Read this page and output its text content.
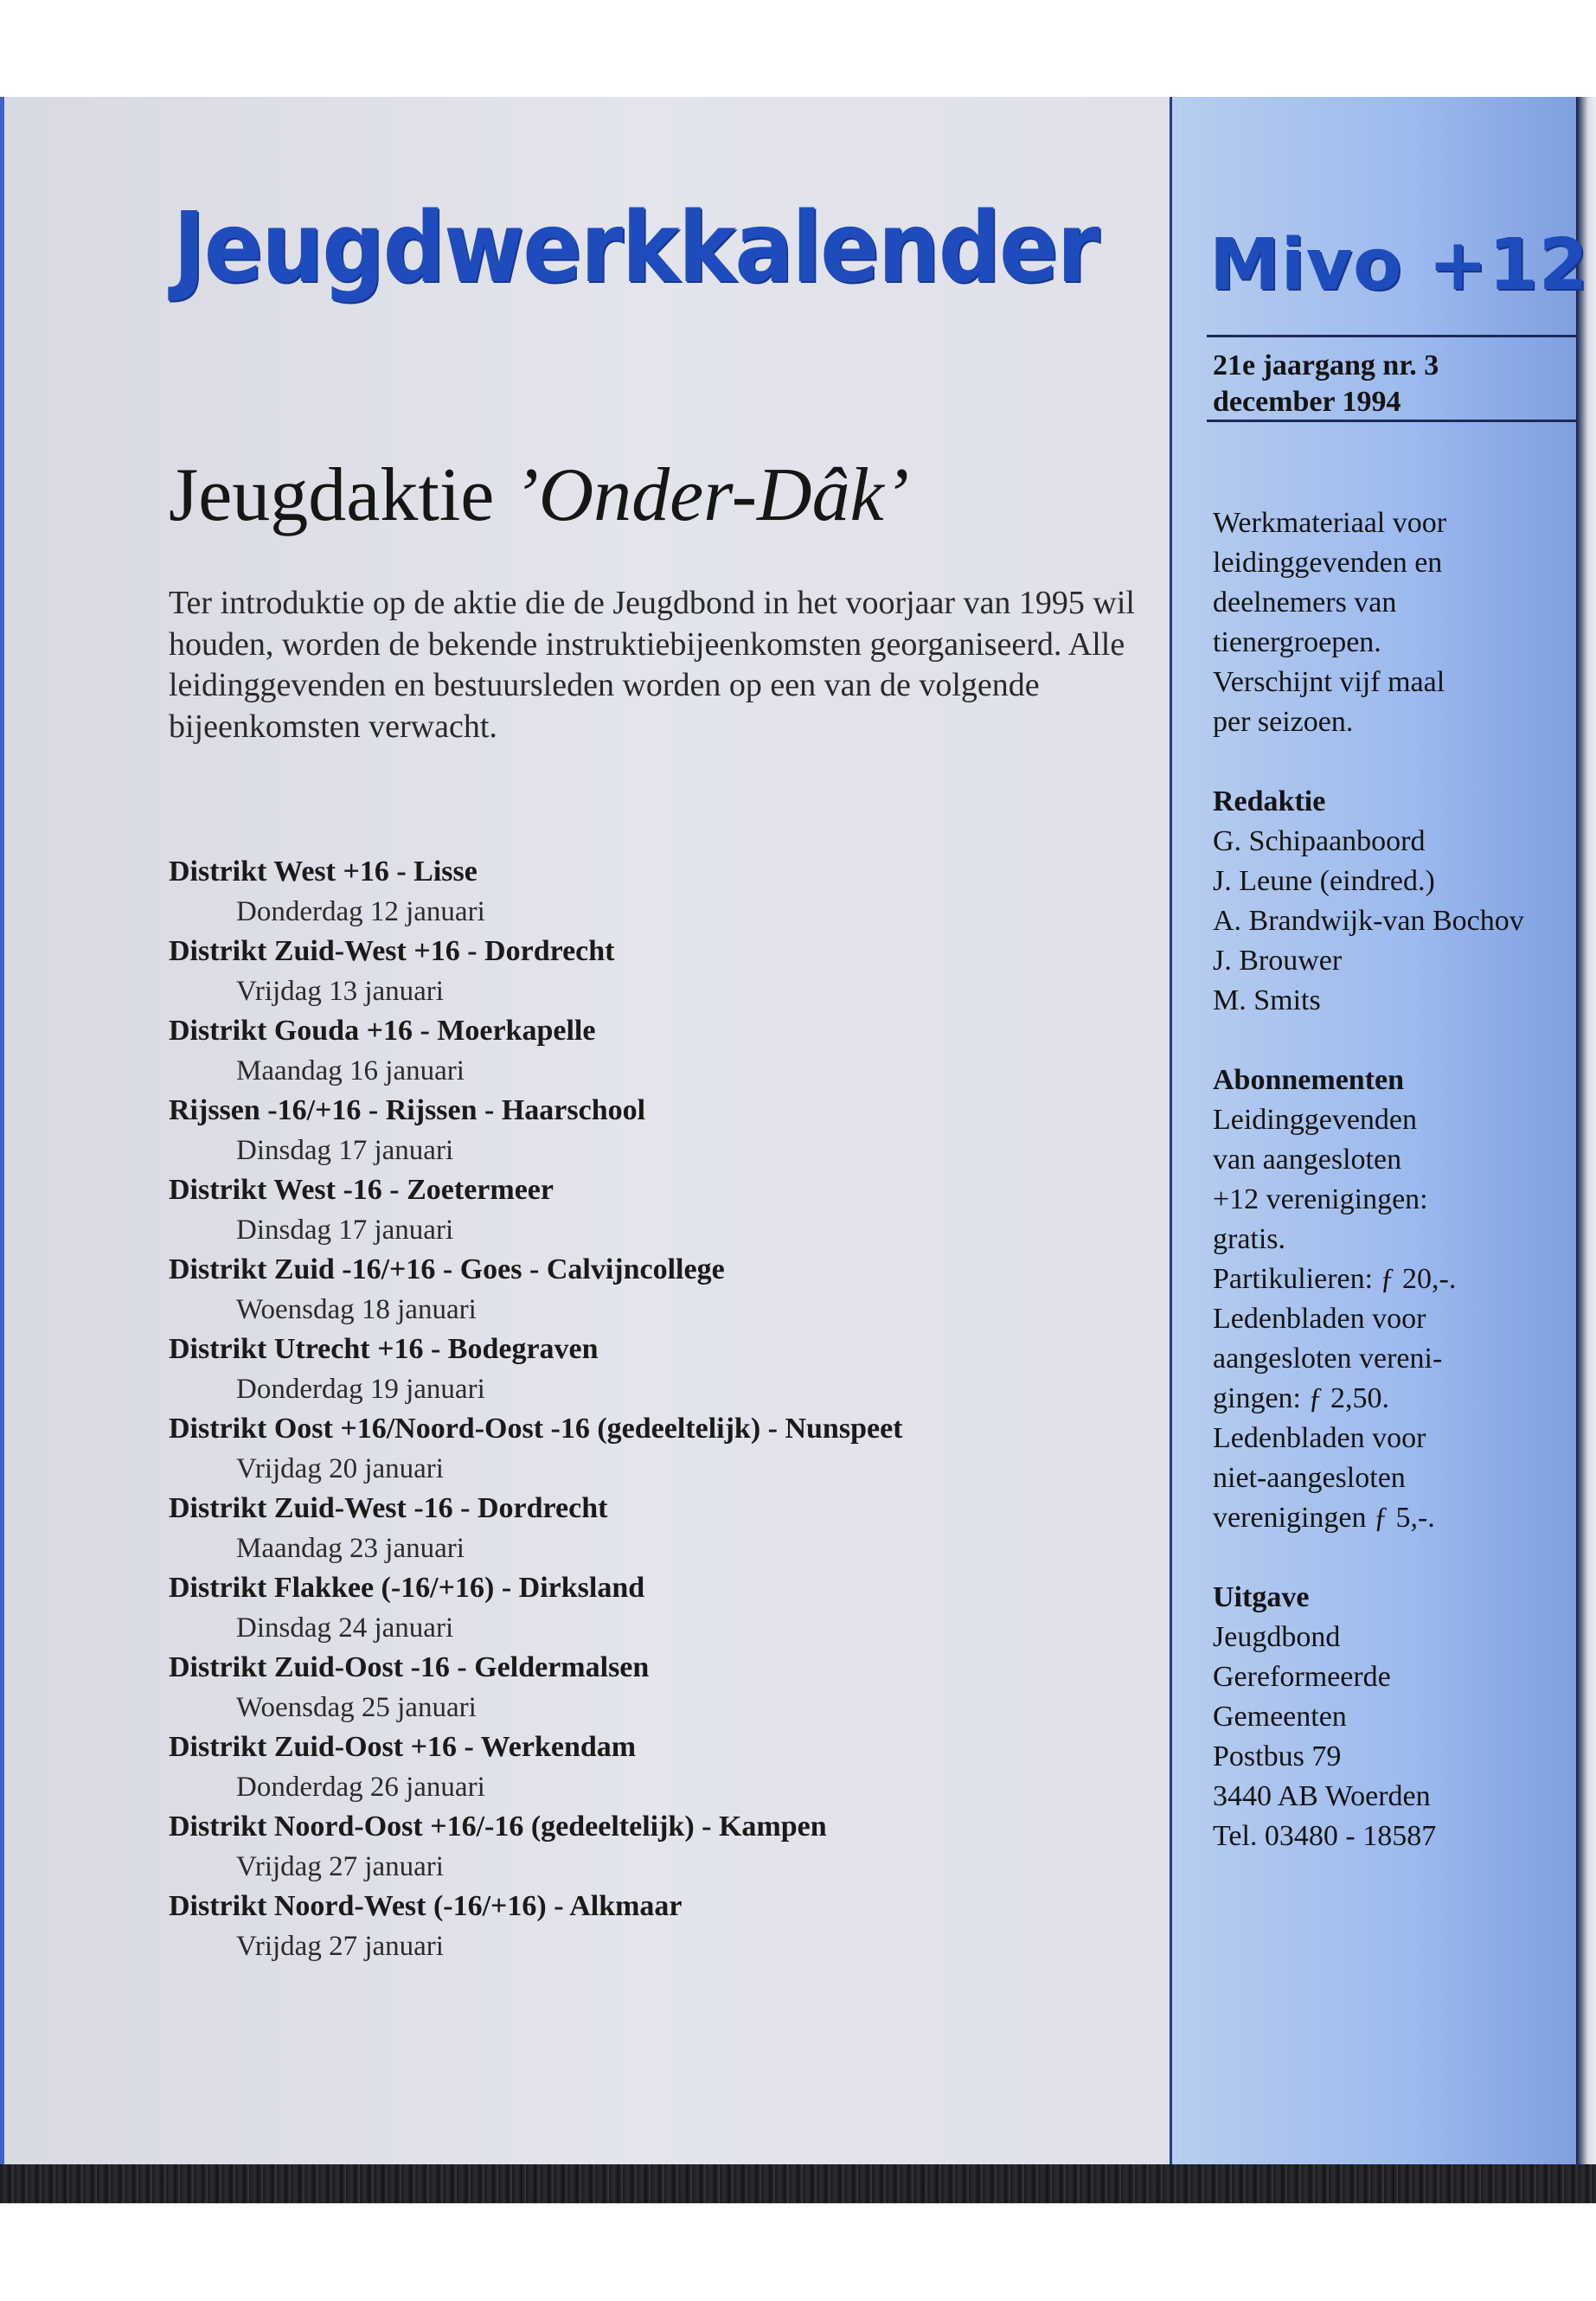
Jeugdwerkkalender Mivo +12
21e jaargang nr. 3
december 1994
Jeugdaktie ’Onder-Dâk’

Ter introduktie op de aktie die de Jeugdbond in het voorjaar van 1995 wil houden, worden de bekende instruktiebijeenkomsten georganiseerd. Alle leidinggevenden en bestuursleden worden op een van de volgende bijeenkomsten verwacht.

Distrikt West +16 - Lisse
Donderdag 12 januari
Distrikt Zuid-West +16 - Dordrecht
Vrijdag 13 januari
Distrikt Gouda +16 - Moerkapelle
Maandag 16 januari
Rijssen -16/+16 - Rijssen - Haarschool
Dinsdag 17 januari
Distrikt West -16 - Zoetermeer
Dinsdag 17 januari
Distrikt Zuid -16/+16 - Goes - Calvijncollege
Woensdag 18 januari
Distrikt Utrecht +16 - Bodegraven
Donderdag 19 januari
Distrikt Oost +16/Noord-Oost -16 (gedeeltelijk) - Nunspeet
Vrijdag 20 januari
Distrikt Zuid-West -16 - Dordrecht
Maandag 23 januari
Distrikt Flakkee (-16/+16) - Dirksland
Dinsdag 24 januari
Distrikt Zuid-Oost -16 - Geldermalsen
Woensdag 25 januari
Distrikt Zuid-Oost +16 - Werkendam
Donderdag 26 januari
Distrikt Noord-Oost +16/-16 (gedeeltelijk) - Kampen
Vrijdag 27 januari
Distrikt Noord-West (-16/+16) - Alkmaar
Vrijdag 27 januari
Werkmateriaal voor
leidinggevenden en
deelnemers van
tienergroepen.
Verschijnt vijf maal
per seizoen.
Redaktie
G. Schipaanboord
J. Leune (eindred.)
A. Brandwijk-van Bochov
J. Brouwer
M. Smits
Abonnementen
Leidinggevenden
van aangesloten
+12 verenigingen:
gratis.
Partikulieren: ƒ 20,-.
Ledenbladen voor
aangesloten vereni-
gingen: ƒ 2,50.
Ledenbladen voor
niet-aangesloten
verenigingen ƒ 5,-.
Uitgave
Jeugdbond
Gereformeerde
Gemeenten
Postbus 79
3440 AB Woerden
Tel. 03480 - 18587
